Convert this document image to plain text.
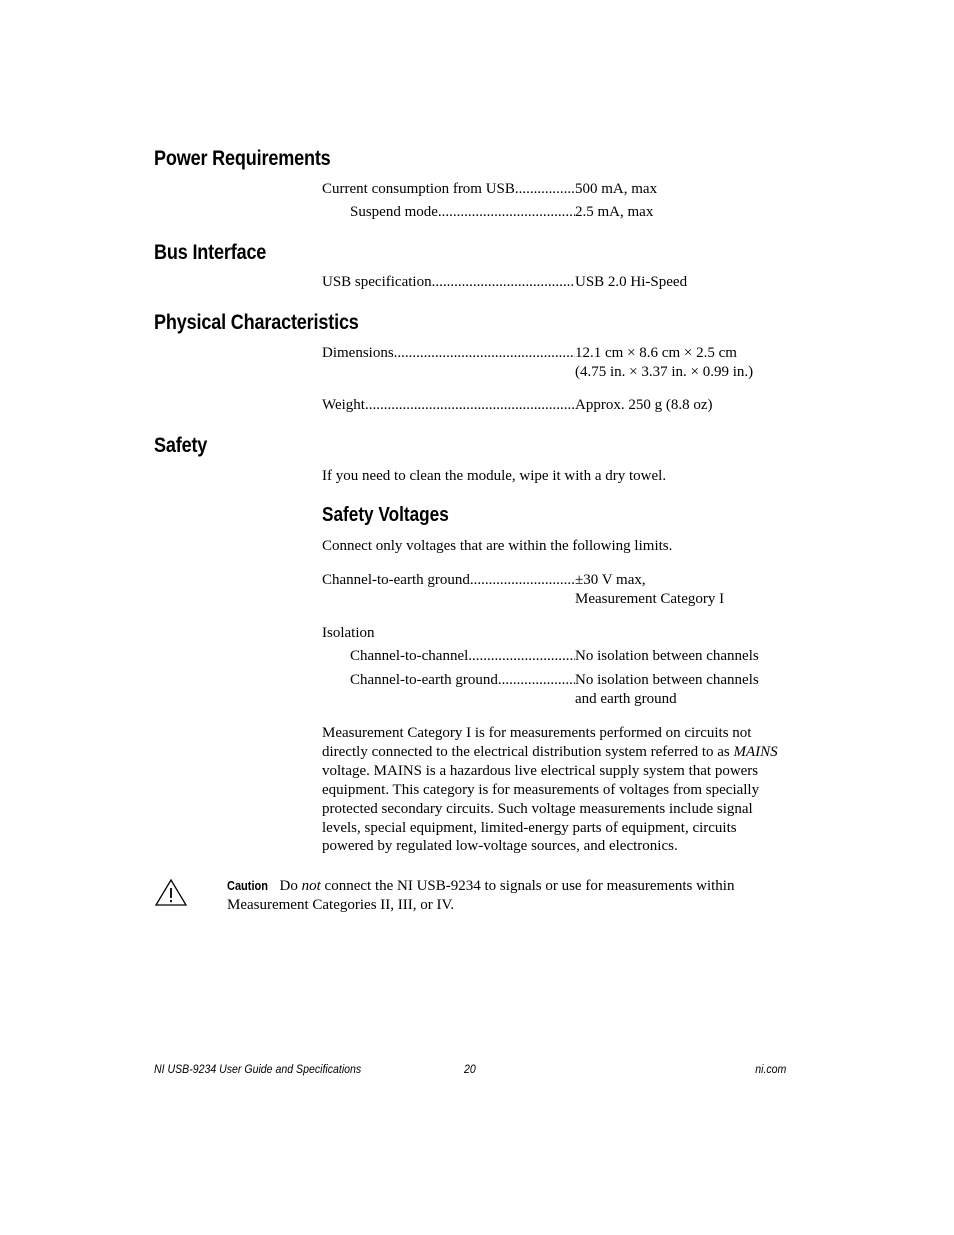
Power Requirements
Current consumption from USB .....	500 mA, max
Suspend mode .....	2.5 mA, max
Bus Interface
USB specification .....	USB 2.0 Hi-Speed
Physical Characteristics
Dimensions .....	12.1 cm × 8.6 cm × 2.5 cm
(4.75 in. × 3.37 in. × 0.99 in.)
Weight .....	Approx. 250 g (8.8 oz)
Safety
If you need to clean the module, wipe it with a dry towel.
Safety Voltages
Connect only voltages that are within the following limits.
Channel-to-earth ground .....	±30 V max,
Measurement Category I
Isolation
Channel-to-channel .....	No isolation between channels
Channel-to-earth ground .....	No isolation between channels
and earth ground
Measurement Category I is for measurements performed on circuits not directly connected to the electrical distribution system referred to as MAINS voltage. MAINS is a hazardous live electrical supply system that powers equipment. This category is for measurements of voltages from specially protected secondary circuits. Such voltage measurements include signal levels, special equipment, limited-energy parts of equipment, circuits powered by regulated low-voltage sources, and electronics.
Caution Do not connect the NI USB-9234 to signals or use for measurements within Measurement Categories II, III, or IV.
NI USB-9234 User Guide and Specifications	20	ni.com
